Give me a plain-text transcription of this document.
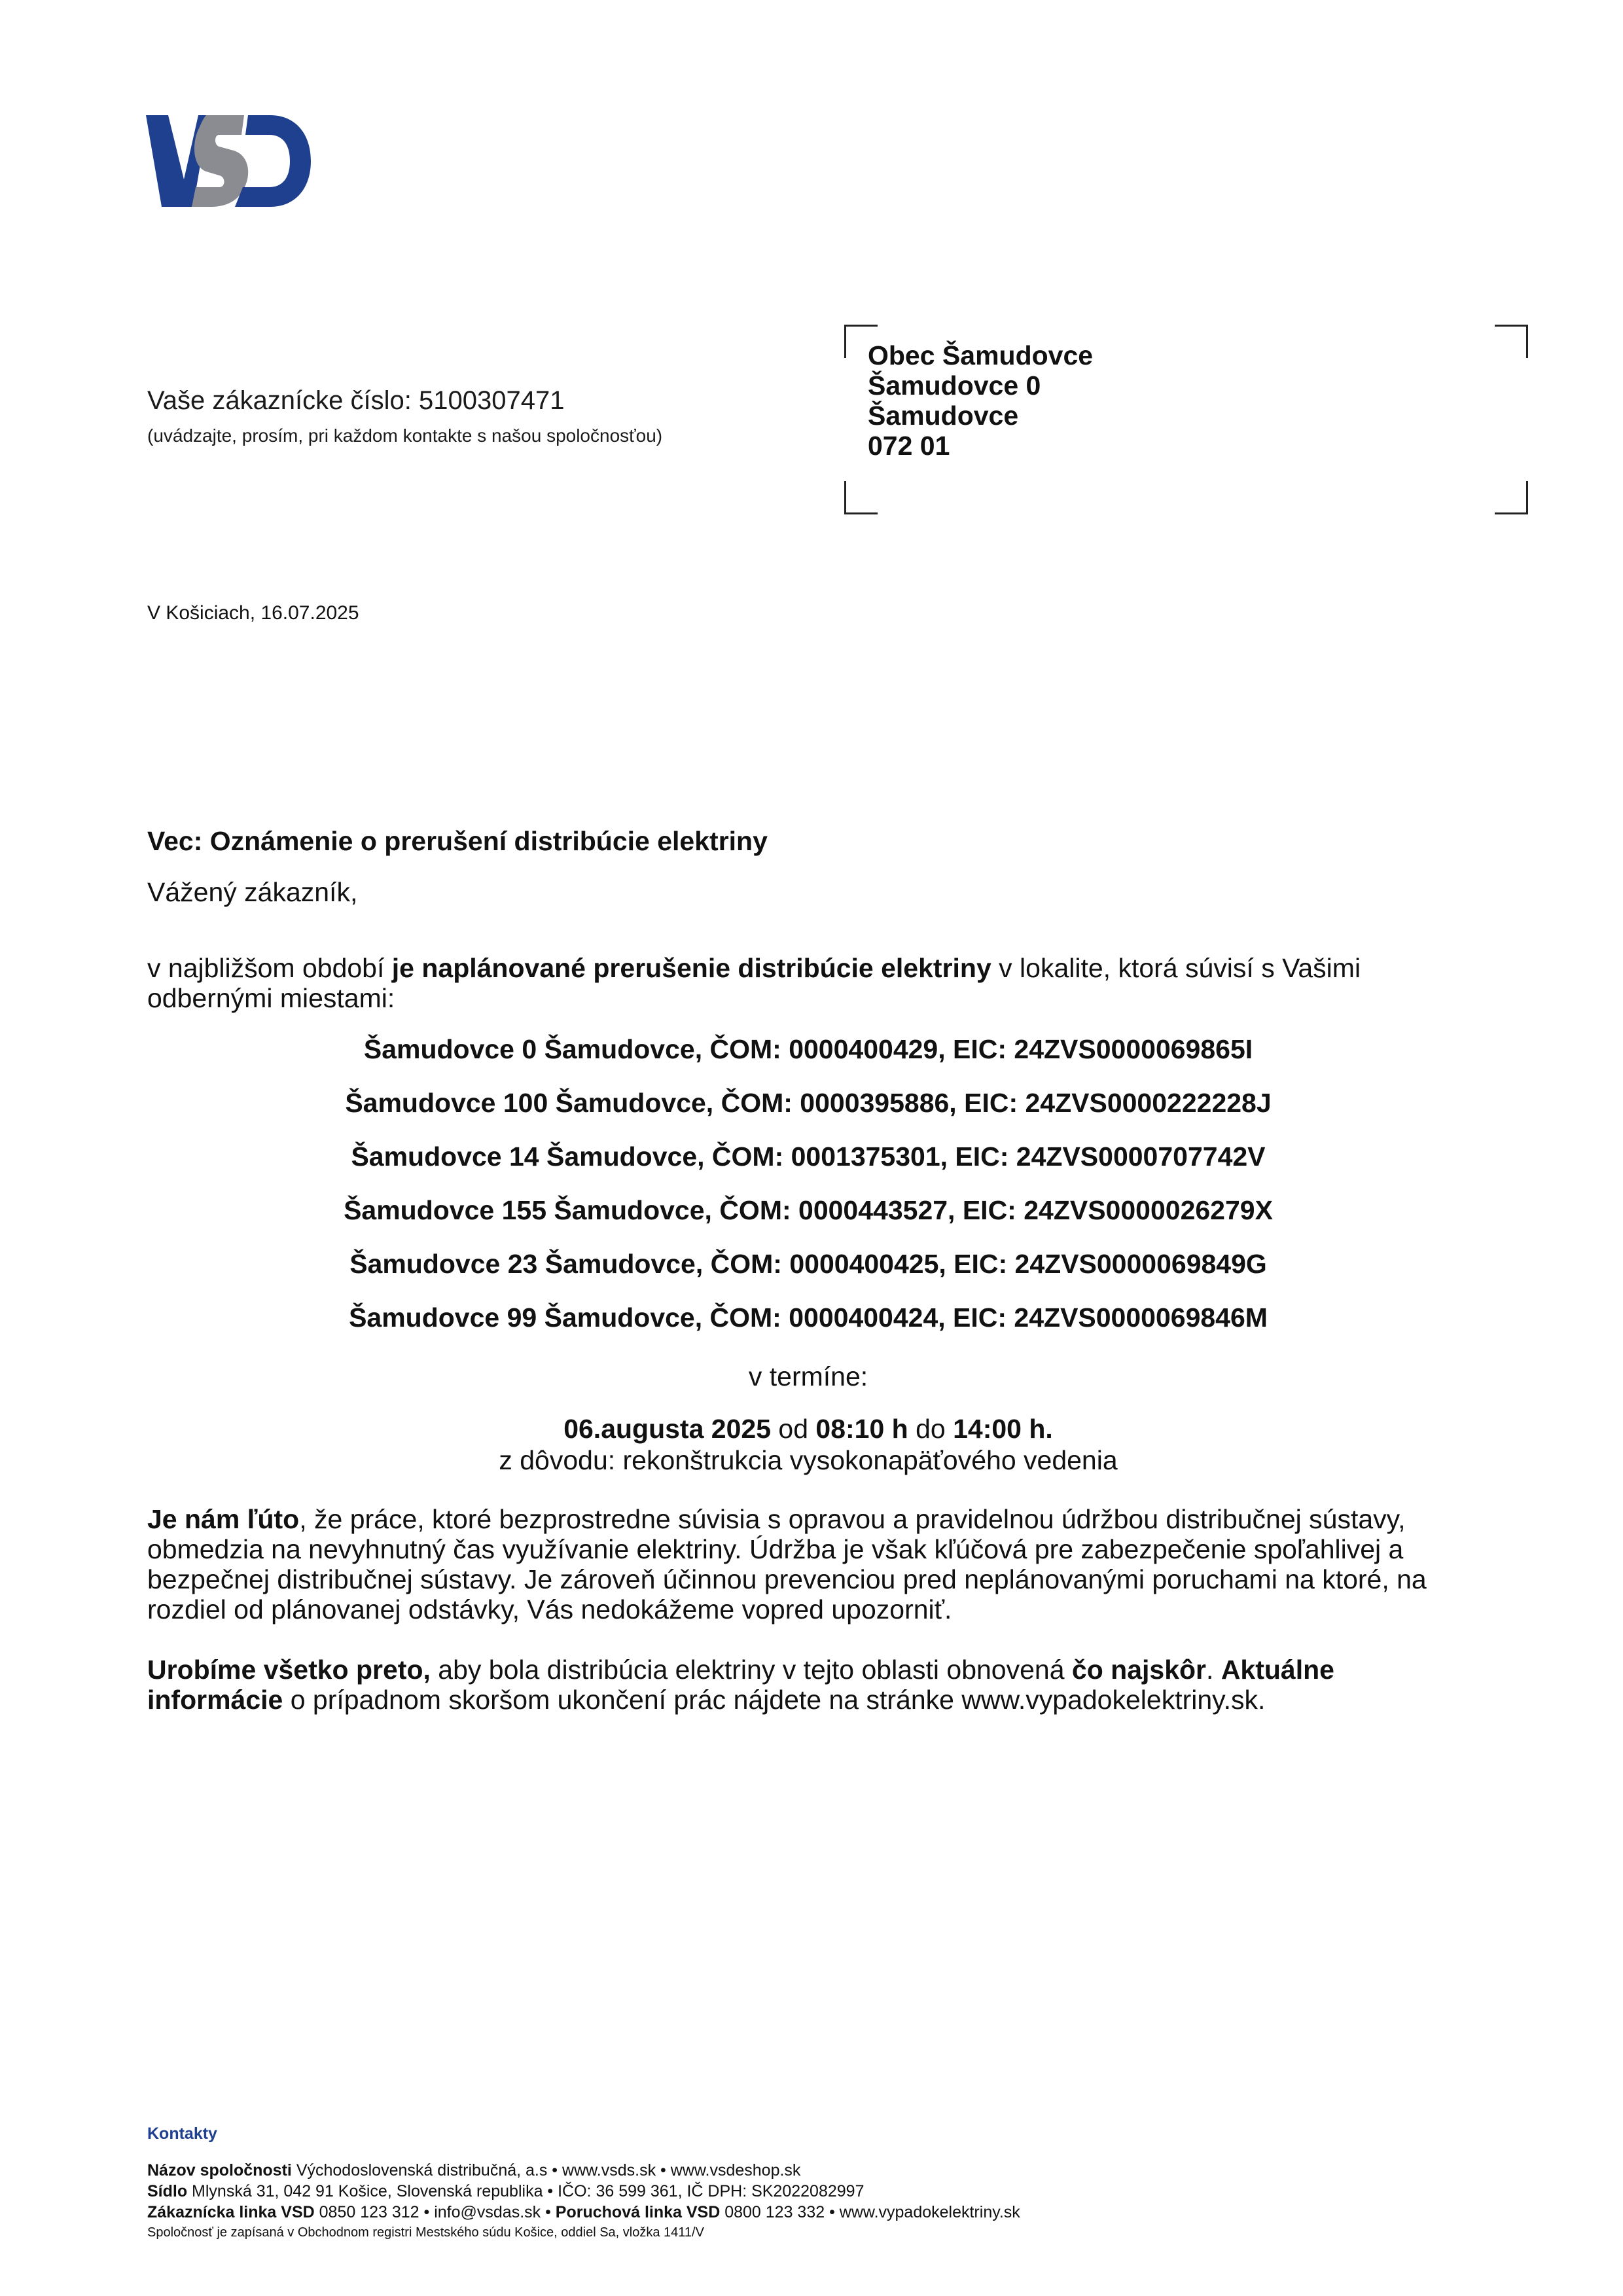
Vaše zákaznícke číslo: 5100307471
(uvádzajte, prosím, pri každom kontakte s našou spoločnosťou)
Obec Šamudovce
Šamudovce 0
Šamudovce
072 01
V Košiciach, 16.07.2025
Vec: Oznámenie o prerušení distribúcie elektriny
Vážený zákazník,
v najbližšom období je naplánované prerušenie distribúcie elektriny v lokalite, ktorá súvisí s Vašimi odbernými miestami:
Šamudovce 0 Šamudovce, ČOM: 0000400429, EIC: 24ZVS0000069865I
Šamudovce 100 Šamudovce, ČOM: 0000395886, EIC: 24ZVS0000222228J
Šamudovce 14 Šamudovce, ČOM: 0001375301, EIC: 24ZVS0000707742V
Šamudovce 155 Šamudovce, ČOM: 0000443527, EIC: 24ZVS0000026279X
Šamudovce 23 Šamudovce, ČOM: 0000400425, EIC: 24ZVS0000069849G
Šamudovce 99 Šamudovce, ČOM: 0000400424, EIC: 24ZVS0000069846M
v termíne:
06.augusta 2025 od 08:10 h do 14:00 h.
z dôvodu: rekonštrukcia vysokonapäťového vedenia
Je nám ľúto, že práce, ktoré bezprostredne súvisia s opravou a pravidelnou údržbou distribučnej sústavy, obmedzia na nevyhnutný čas využívanie elektriny. Údržba je však kľúčová pre zabezpečenie spoľahlivej a bezpečnej distribučnej sústavy. Je zároveň účinnou prevenciou pred neplánovanými poruchami na ktoré, na rozdiel od plánovanej odstávky, Vás nedokážeme vopred upozorniť.
Urobíme všetko preto, aby bola distribúcia elektriny v tejto oblasti obnovená čo najskôr. Aktuálne informácie o prípadnom skoršom ukončení prác nájdete na stránke www.vypadokelektriny.sk.
Kontakty
Názov spoločnosti Východoslovenská distribučná, a.s • www.vsds.sk • www.vsdeshop.sk
Sídlo Mlynská 31, 042 91 Košice, Slovenská republika • IČO: 36 599 361, IČ DPH: SK2022082997
Zákaznícka linka VSD 0850 123 312 • info@vsdas.sk • Poruchová linka VSD 0800 123 332 • www.vypadokelektriny.sk
Spoločnosť je zapísaná v Obchodnom registri Mestského súdu Košice, oddiel Sa, vložka 1411/V
